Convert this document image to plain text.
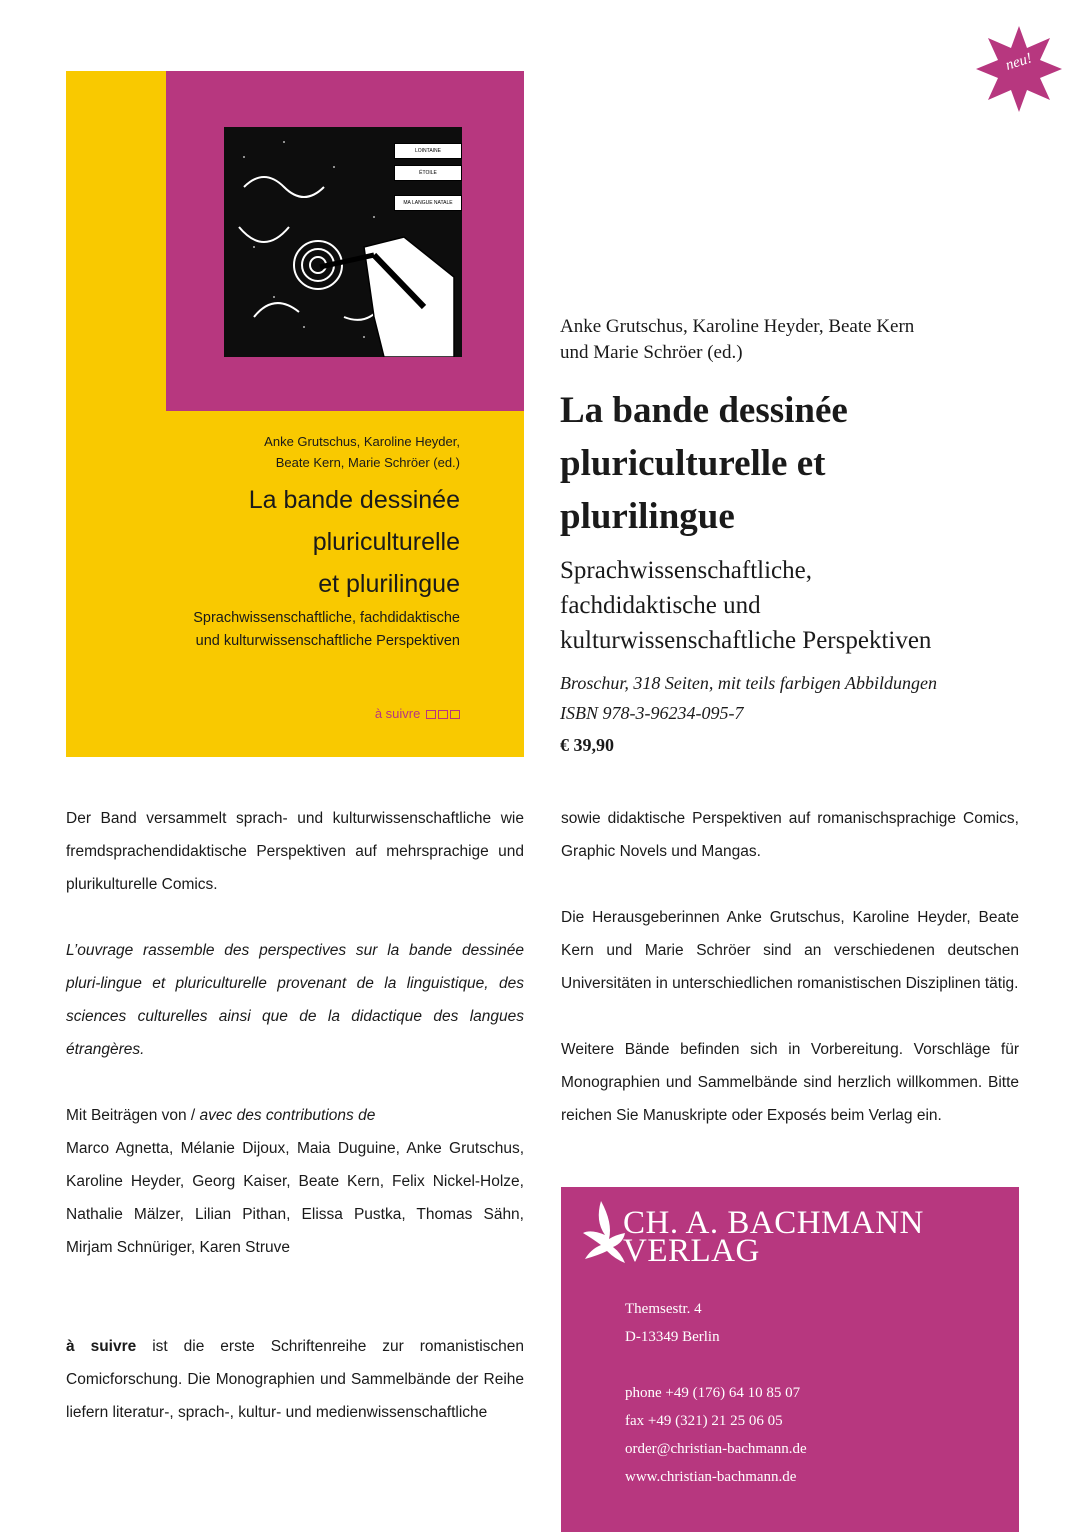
neu!
LOINTAINE
ÉTOILE
MA LANGUE NATALE
Anke Grutschus, Karoline Heyder,
Beate Kern, Marie Schröer (ed.)
La bande dessinée
pluriculturelle
et plurilingue
Sprachwissenschaftliche, fachdidaktische
und kulturwissenschaftliche Perspektiven
à suivre
Anke Grutschus, Karoline Heyder, Beate Kern
und Marie Schröer (ed.)
La bande dessinée
pluriculturelle et
plurilingue
Sprachwissenschaftliche,
fachdidaktische und
kulturwissenschaftliche Perspektiven
Broschur, 318 Seiten, mit teils farbigen Abbildungen
ISBN 978-3-96234-095-7
€ 39,90

Der Band versammelt sprach- und kulturwissenschaftliche wie fremdsprachendidaktische Perspektiven auf mehrsprachige und plurikulturelle Comics.

L’ouvrage rassemble des perspectives sur la bande dessinée pluri-lingue et pluriculturelle provenant de la linguistique, des sciences culturelles ainsi que de la didactique des langues étrangères.

Mit Beiträgen von / avec des contributions de

Marco Agnetta, Mélanie Dijoux, Maia Duguine, Anke Grutschus, Karoline Heyder, Georg Kaiser, Beate Kern, Felix Nickel-Holze, Nathalie Mälzer, Lilian Pithan, Elissa Pustka, Thomas Sähn, Mirjam Schnüriger, Karen Struve

à suivre ist die erste Schriftenreihe zur romanistischen Comicforschung. Die Monographien und Sammelbände der Reihe liefern literatur-, sprach-, kultur- und medienwissenschaftliche

sowie didaktische Perspektiven auf romanischsprachige Comics, Graphic Novels und Mangas.

Die Herausgeberinnen Anke Grutschus, Karoline Heyder, Beate Kern und Marie Schröer sind an verschiedenen deutschen Universitäten in unterschiedlichen romanistischen Disziplinen tätig.

Weitere Bände befinden sich in Vorbereitung. Vorschläge für Monographien und Sammelbände sind herzlich willkommen. Bitte reichen Sie Manuskripte oder Exposés beim Verlag ein.

CH. A. BACHMANN
VERLAG
Themsestr. 4
D-13349 Berlin
phone +49 (176) 64 10 85 07
fax +49 (321) 21 25 06 05
order@christian-bachmann.de
www.christian-bachmann.de
